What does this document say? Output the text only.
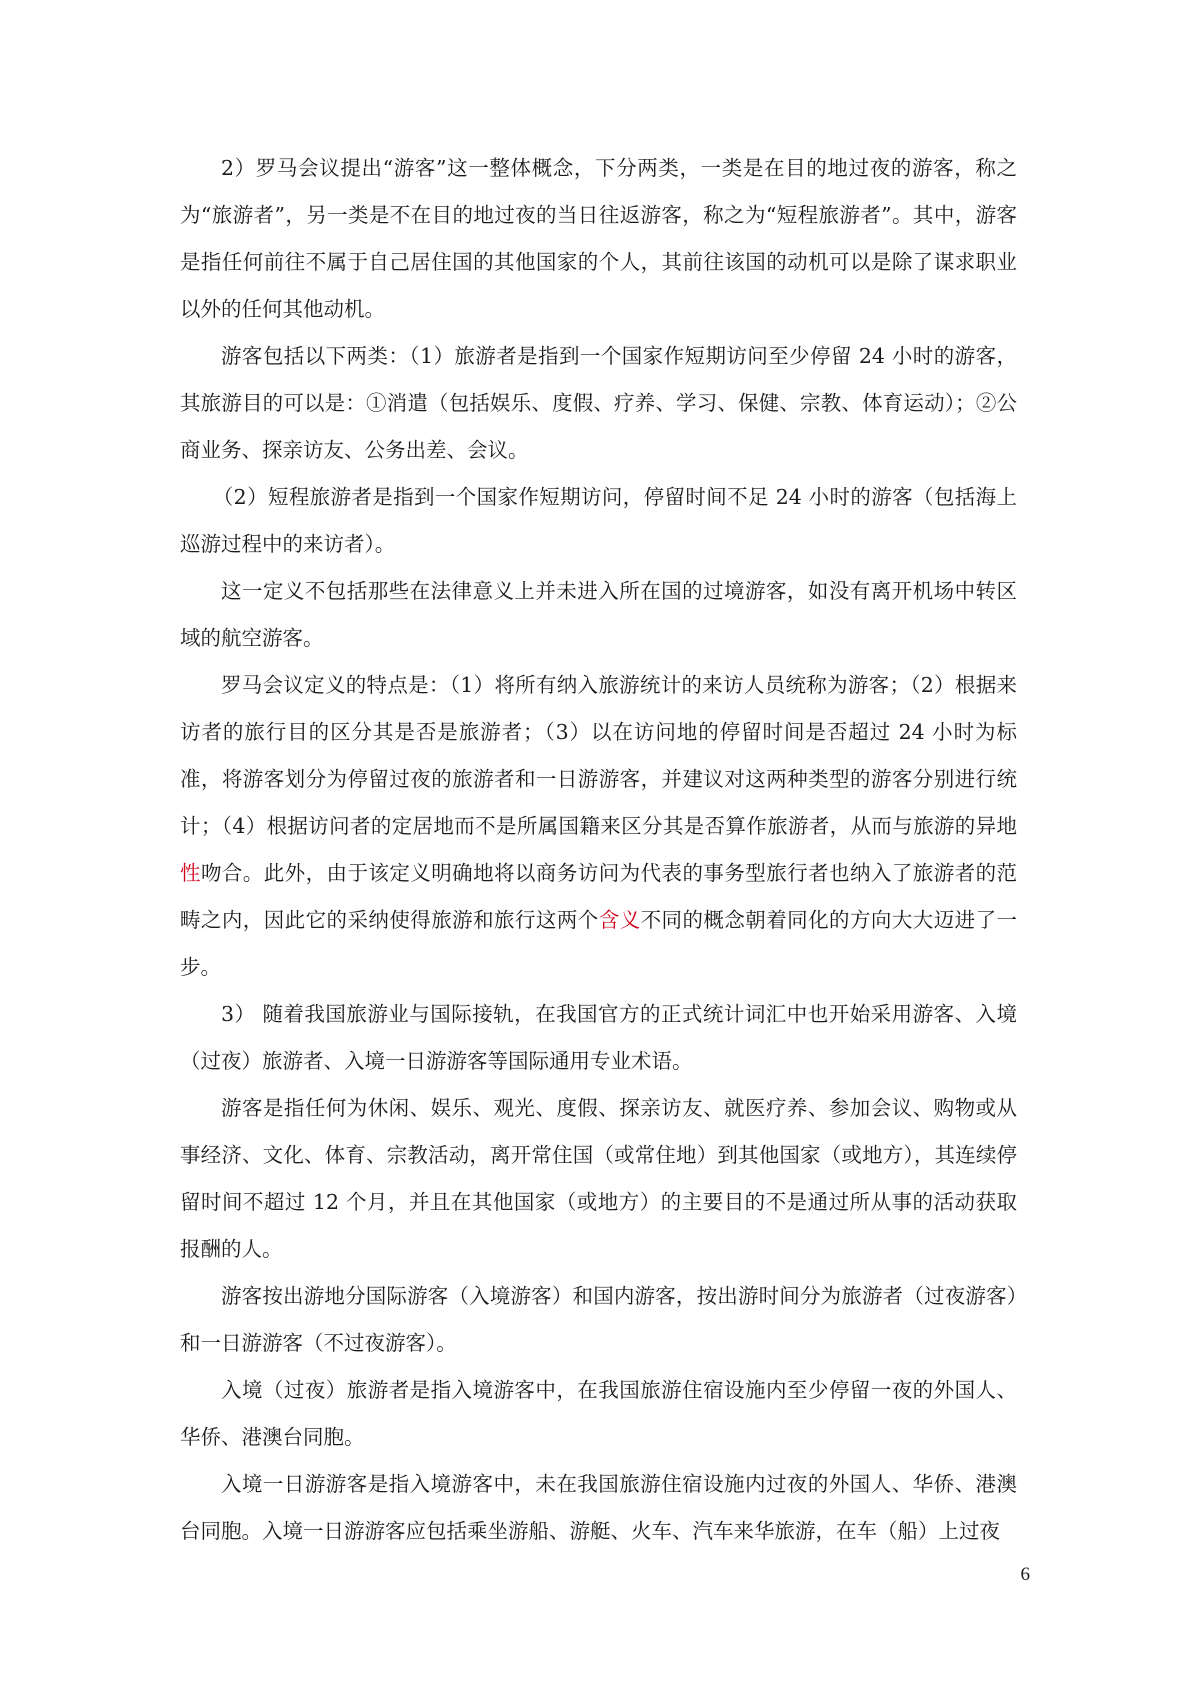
2）罗马会议提出“游客”这一整体概念，下分两类，一类是在目的地过夜的游客，称之为“旅游者”，另一类是不在目的地过夜的当日往返游客，称之为“短程旅游者”。其中，游客是指任何前往不属于自己居住国的其他国家的个人，其前往该国的动机可以是除了谋求职业以外的任何其他动机。

游客包括以下两类：（1）旅游者是指到一个国家作短期访问至少停留 24 小时的游客，其旅游目的可以是：①消遣（包括娱乐、度假、疗养、学习、保健、宗教、体育运动）；②公商业务、探亲访友、公务出差、会议。

（2）短程旅游者是指到一个国家作短期访问，停留时间不足 24 小时的游客（包括海上巡游过程中的来访者）。

这一定义不包括那些在法律意义上并未进入所在国的过境游客，如没有离开机场中转区域的航空游客。

罗马会议定义的特点是：（1）将所有纳入旅游统计的来访人员统称为游客；（2）根据来访者的旅行目的区分其是否是旅游者；（3）以在访问地的停留时间是否超过 24 小时为标准，将游客划分为停留过夜的旅游者和一日游游客，并建议对这两种类型的游客分别进行统计；（4）根据访问者的定居地而不是所属国籍来区分其是否算作旅游者，从而与旅游的异地性吻合。此外，由于该定义明确地将以商务访问为代表的事务型旅行者也纳入了旅游者的范畴之内，因此它的采纳使得旅游和旅行这两个含义不同的概念朝着同化的方向大大迈进了一步。

3） 随着我国旅游业与国际接轨，在我国官方的正式统计词汇中也开始采用游客、入境（过夜）旅游者、入境一日游游客等国际通用专业术语。

游客是指任何为休闲、娱乐、观光、度假、探亲访友、就医疗养、参加会议、购物或从事经济、文化、体育、宗教活动，离开常住国（或常住地）到其他国家（或地方），其连续停留时间不超过 12 个月，并且在其他国家（或地方）的主要目的不是通过所从事的活动获取报酬的人。

游客按出游地分国际游客（入境游客）和国内游客，按出游时间分为旅游者（过夜游客）和一日游游客（不过夜游客）。

入境（过夜）旅游者是指入境游客中，在我国旅游住宿设施内至少停留一夜的外国人、华侨、港澳台同胞。

入境一日游游客是指入境游客中，未在我国旅游住宿设施内过夜的外国人、华侨、港澳台同胞。入境一日游游客应包括乘坐游船、游艇、火车、汽车来华旅游，在车（船）上过夜

6
